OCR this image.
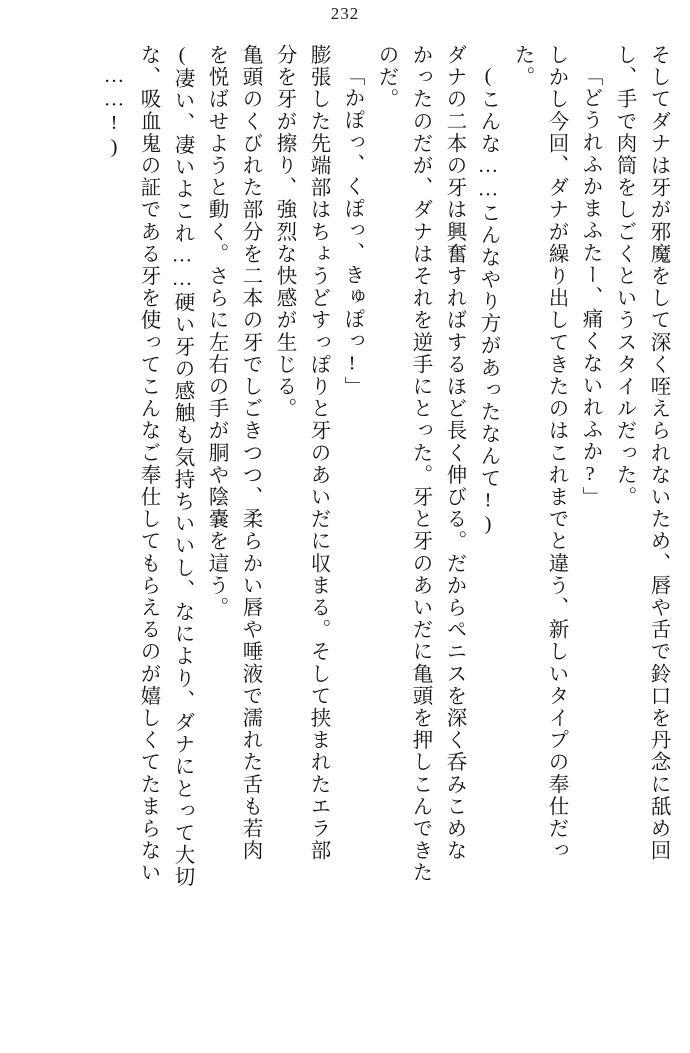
232
そしてダナは牙が邪魔をして深く咥えられないため、唇や舌で鈴口を丹念に舐め回
し、手で肉筒をしごくというスタイルだった。
「どうれふかまふたー、痛くないれふか?」
しかし今回、ダナが繰り出してきたのはこれまでと違う、新しいタイプの奉仕だっ
た。
(こんな……こんなやり方があったなんて!)
ダナの二本の牙は興奮すればするほど長く伸びる。だからペニスを深く呑みこめな
かったのだが、ダナはそれを逆手にとった。牙と牙のあいだに亀頭を押しこんできた
のだ。
「かぽっ、くぽっ、きゅぽっ!」
膨張した先端部はちょうどすっぽりと牙のあいだに収まる。そして挟まれたエラ部
分を牙が擦り、強烈な快感が生じる。
亀頭のくびれた部分を二本の牙でしごきつつ、柔らかい唇や唾液で濡れた舌も若肉
を悦ばせようと動く。さらに左右の手が胴や陰嚢を這う。
(凄い、凄いよこれ……硬い牙の感触も気持ちいいし、なにより、ダナにとって大切
な、吸血鬼の証である牙を使ってこんなご奉仕してもらえるのが嬉しくてたまらない
……!)
